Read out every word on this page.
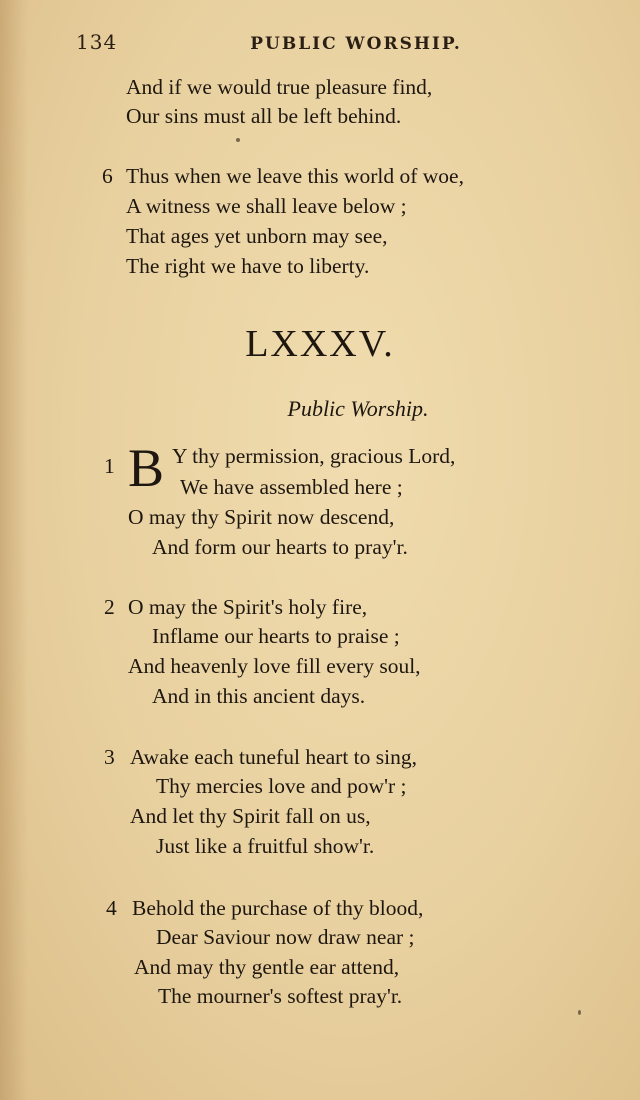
134	PUBLIC WORSHIP.
And if we would true pleasure find,
Our sins must all be left behind.
6 Thus when we leave this world of woe,
A witness we shall leave below ;
That ages yet unborn may see,
The right we have to liberty.
LXXXV.
Public Worship.
1 B Y thy permission, gracious Lord,
We have assembled here ;
O may thy Spirit now descend,
And form our hearts to pray'r.
2 O may the Spirit's holy fire,
Inflame our hearts to praise ;
And heavenly love fill every soul,
And in this ancient days.
3 Awake each tuneful heart to sing,
Thy mercies love and pow'r ;
And let thy Spirit fall on us,
Just like a fruitful show'r.
4 Behold the purchase of thy blood,
Dear Saviour now draw near ;
And may thy gentle ear attend,
The mourner's softest pray'r.
